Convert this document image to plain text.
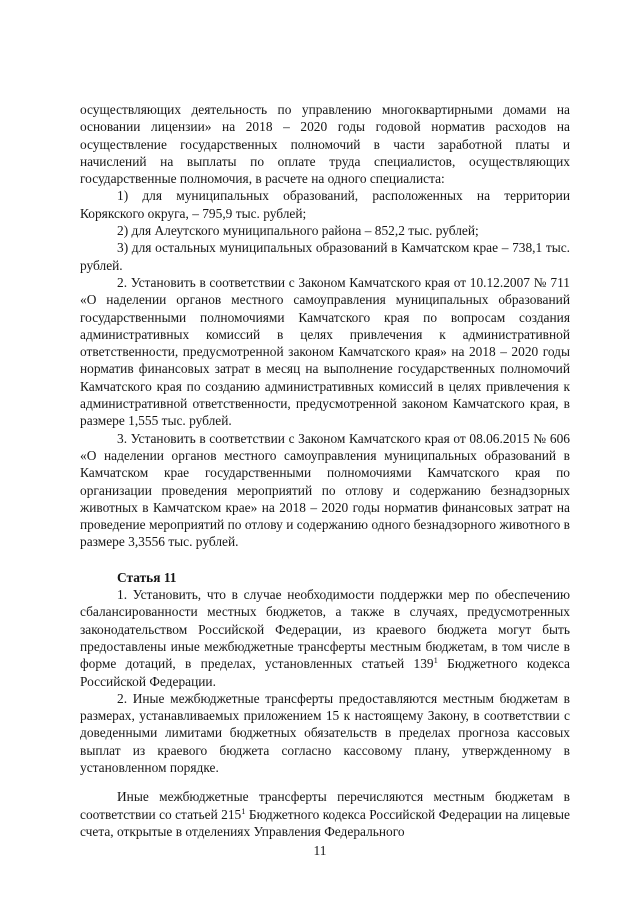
осуществляющих деятельность по управлению многоквартирными домами на основании лицензии» на 2018 – 2020 годы годовой норматив расходов на осуществление государственных полномочий в части заработной платы и начислений на выплаты по оплате труда специалистов, осуществляющих государственные полномочия, в расчете на одного специалиста:

1) для муниципальных образований, расположенных на территории Корякского округа, – 795,9 тыс. рублей;

2) для Алеутского муниципального района – 852,2 тыс. рублей;

3) для остальных муниципальных образований в Камчатском крае – 738,1 тыс. рублей.

2. Установить в соответствии с Законом Камчатского края от 10.12.2007 № 711 «О наделении органов местного самоуправления муниципальных образований государственными полномочиями Камчатского края по вопросам создания административных комиссий в целях привлечения к административной ответственности, предусмотренной законом Камчатского края» на 2018 – 2020 годы норматив финансовых затрат в месяц на выполнение государственных полномочий Камчатского края по созданию административных комиссий в целях привлечения к административной ответственности, предусмотренной законом Камчатского края, в размере 1,555 тыс. рублей.

3. Установить в соответствии с Законом Камчатского края от 08.06.2015 № 606 «О наделении органов местного самоуправления муниципальных образований в Камчатском крае государственными полномочиями Камчатского края по организации проведения мероприятий по отлову и содержанию безнадзорных животных в Камчатском крае» на 2018 – 2020 годы норматив финансовых затрат на проведение мероприятий по отлову и содержанию одного безнадзорного животного в размере 3,3556 тыс. рублей.

Статья 11

1. Установить, что в случае необходимости поддержки мер по обеспечению сбалансированности местных бюджетов, а также в случаях, предусмотренных законодательством Российской Федерации, из краевого бюджета могут быть предоставлены иные межбюджетные трансферты местным бюджетам, в том числе в форме дотаций, в пределах, установленных статьей $139^1$ Бюджетного кодекса Российской Федерации.

2. Иные межбюджетные трансферты предоставляются местным бюджетам в размерах, устанавливаемых приложением 15 к настоящему Закону, в соответствии с доведенными лимитами бюджетных обязательств в пределах прогноза кассовых выплат из краевого бюджета согласно кассовому плану, утвержденному в установленном порядке.

Иные межбюджетные трансферты перечисляются местным бюджетам в соответствии со статьей $215^1$ Бюджетного кодекса Российской Федерации на лицевые счета, открытые в отделениях Управления Федерального

11
